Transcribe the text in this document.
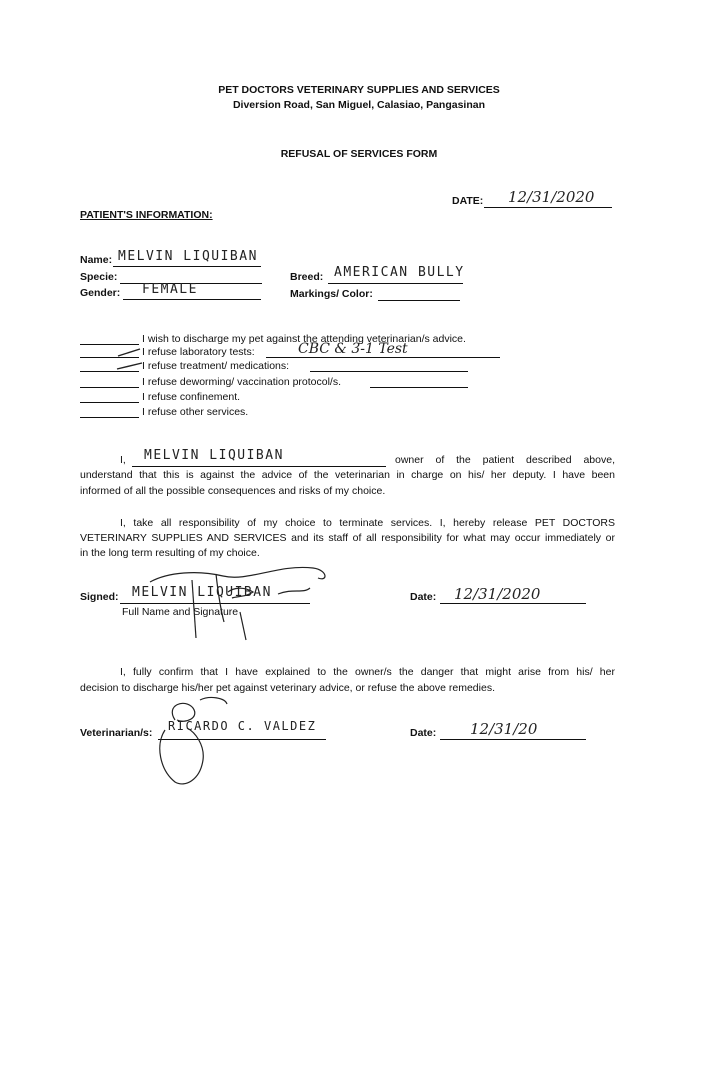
PET DOCTORS VETERINARY SUPPLIES AND SERVICES
Diversion Road, San Miguel, Calasiao, Pangasinan
REFUSAL OF SERVICES FORM
DATE: 12/31/2020
PATIENT'S INFORMATION:
Name: MELVIN LIQUIBAN
Specie:	Breed: AMERICAN BULLY
Gender: FEMALE	Markings/ Color:
I wish to discharge my pet against the attending veterinarian/s advice.
I refuse laboratory tests:	CBC & 3-1 Test
I refuse treatment/ medications:
I refuse deworming/ vaccination protocol/s.
I refuse confinement.
I refuse other services.
I, MELVIN LIQUIBAN	owner of the patient described above,
understand that this is against the advice of the veterinarian in charge on his/ her deputy. I have been
informed of all the possible consequences and risks of my choice.
I, take all responsibility of my choice to terminate services. I, hereby release PET DOCTORS
VETERINARY SUPPLIES AND SERVICES and its staff of all responsibility for what may occur immediately or
in the long term resulting of my choice.
Signed: MELVIN LIQUIBAN
Full Name and Signature
Date: 12/31/2020
I, fully confirm that I have explained to the owner/s the danger that might arise from his/ her
decision to discharge his/her pet against veterinary advice, or refuse the above remedies.
Veterinarian/s: RICARDO C. VALDEZ	Date: 12/31/20
